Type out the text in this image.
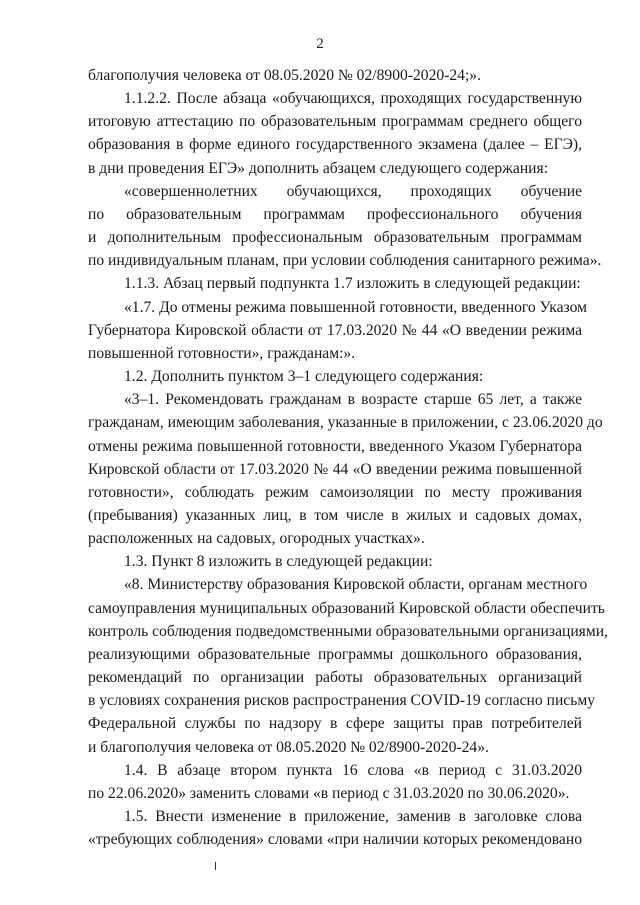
2

благополучия человека от 08.05.2020 № 02/8900-2020-24;».

1.1.2.2. После абзаца «обучающихся, проходящих государственную

итоговую аттестацию по образовательным программам среднего общего

образования в форме единого государственного экзамена (далее – ЕГЭ),

в дни проведения ЕГЭ» дополнить абзацем следующего содержания:

«совершеннолетних обучающихся, проходящих обучение

по образовательным программам профессионального обучения

и дополнительным профессиональным образовательным программам

по индивидуальным планам, при условии соблюдения санитарного режима».

1.1.3. Абзац первый подпункта 1.7 изложить в следующей редакции:

«1.7. До отмены режима повышенной готовности, введенного Указом

Губернатора Кировской области от 17.03.2020 № 44 «О введении режима

повышенной готовности», гражданам:».

1.2. Дополнить пунктом 3–1 следующего содержания:

«3–1. Рекомендовать гражданам в возрасте старше 65 лет, а также

гражданам, имеющим заболевания, указанные в приложении, с 23.06.2020 до

отмены режима повышенной готовности, введенного Указом Губернатора

Кировской области от 17.03.2020 № 44 «О введении режима повышенной

готовности», соблюдать режим самоизоляции по месту проживания

(пребывания) указанных лиц, в том числе в жилых и садовых домах,

расположенных на садовых, огородных участках».

1.3. Пункт 8 изложить в следующей редакции:

«8. Министерству образования Кировской области, органам местного

самоуправления муниципальных образований Кировской области обеспечить

контроль соблюдения подведомственными образовательными организациями,

реализующими образовательные программы дошкольного образования,

рекомендаций по организации работы образовательных организаций

в условиях сохранения рисков распространения COVID-19 согласно письму

Федеральной службы по надзору в сфере защиты прав потребителей

и благополучия человека от 08.05.2020 № 02/8900-2020-24».

1.4. В абзаце втором пункта 16 слова «в период с 31.03.2020

по 22.06.2020» заменить словами «в период с 31.03.2020 по 30.06.2020».

1.5. Внести изменение в приложение, заменив в заголовке слова

«требующих соблюдения» словами «при наличии которых рекомендовано
